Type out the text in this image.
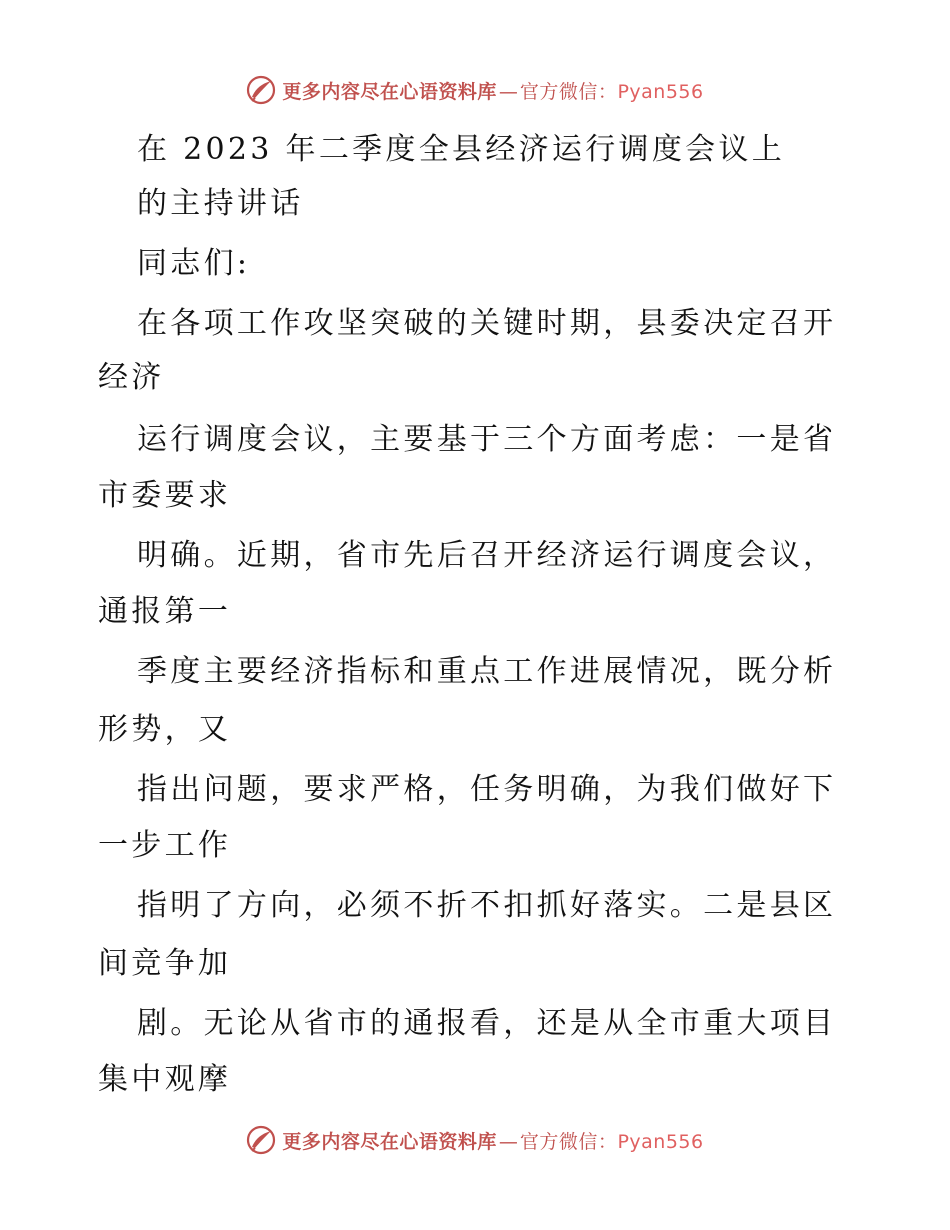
更多内容尽在心语资料库 — 官方微信：Pyan556
在 2023 年二季度全县经济运行调度会议上
的主持讲话
同志们:
在各项工作攻坚突破的关键时期，县委决定召开
经济
运行调度会议，主要基于三个方面考虑：一是省
市委要求
明确。近期，省市先后召开经济运行调度会议，
通报第一
季度主要经济指标和重点工作进展情况，既分析
形势，又
指出问题，要求严格，任务明确，为我们做好下
一步工作
指明了方向，必须不折不扣抓好落实。二是县区
间竞争加
剧。无论从省市的通报看，还是从全市重大项目
集中观摩
更多内容尽在心语资料库 — 官方微信：Pyan556
